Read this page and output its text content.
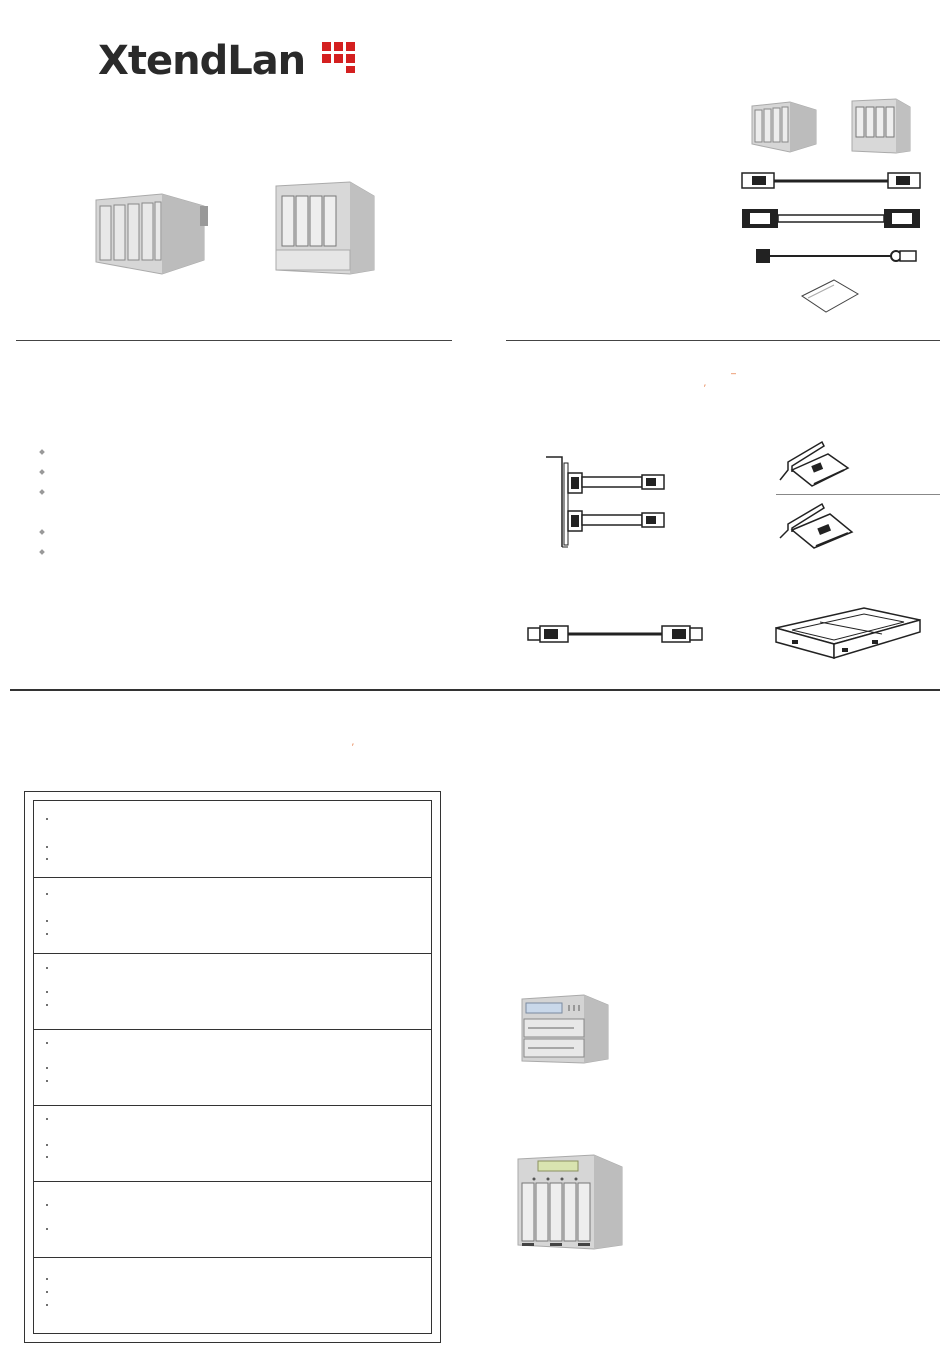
XtendLan
–
′
′
